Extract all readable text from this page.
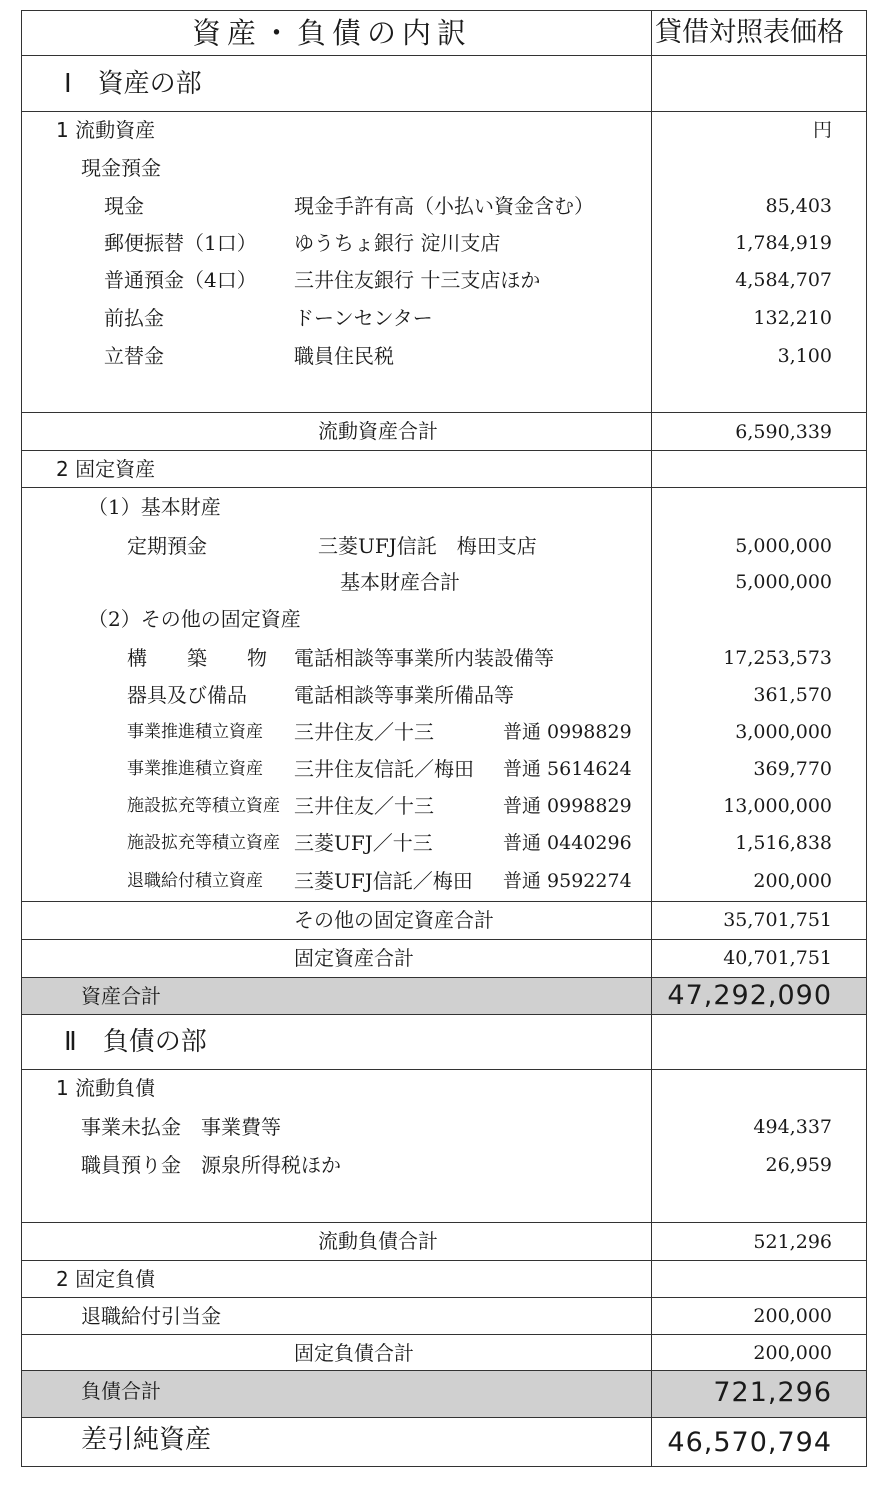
資産・負債の内訳	貸借対照表価格
Ⅰ　資産の部
1 流動資産	円
現金預金
現金	現金手許有高（小払い資金含む）	85,403
郵便振替（1口） ゆうちょ銀行 淀川支店	1,784,919
普通預金（4口） 三井住友銀行 十三支店ほか	4,584,707
前払金	ドーンセンター	132,210
立替金	職員住民税	3,100
流動資産合計	6,590,339
2 固定資産
（1）基本財産
定期預金	三菱UFJ信託　梅田支店	5,000,000
基本財産合計	5,000,000
（2）その他の固定資産
構　　築　　物 電話相談等事業所内装設備等	17,253,573
器具及び備品 電話相談等事業所備品等	361,570
事業推進積立資産 三井住友／十三	普通 0998829	3,000,000
事業推進積立資産 三井住友信託／梅田 普通 5614624	369,770
施設拡充等積立資産 三井住友／十三	普通 0998829	13,000,000
施設拡充等積立資産 三菱UFJ／十三	普通 0440296	1,516,838
退職給付積立資産 三菱UFJ信託／梅田 普通 9592274	200,000
その他の固定資産合計	35,701,751
固定資産合計	40,701,751
資産合計	47,292,090
Ⅱ　負債の部
1 流動負債
事業未払金　事業費等	494,337
職員預り金　源泉所得税ほか	26,959
流動負債合計	521,296
2 固定負債
退職給付引当金	200,000
固定負債合計	200,000
負債合計	721,296
差引純資産	46,570,794
